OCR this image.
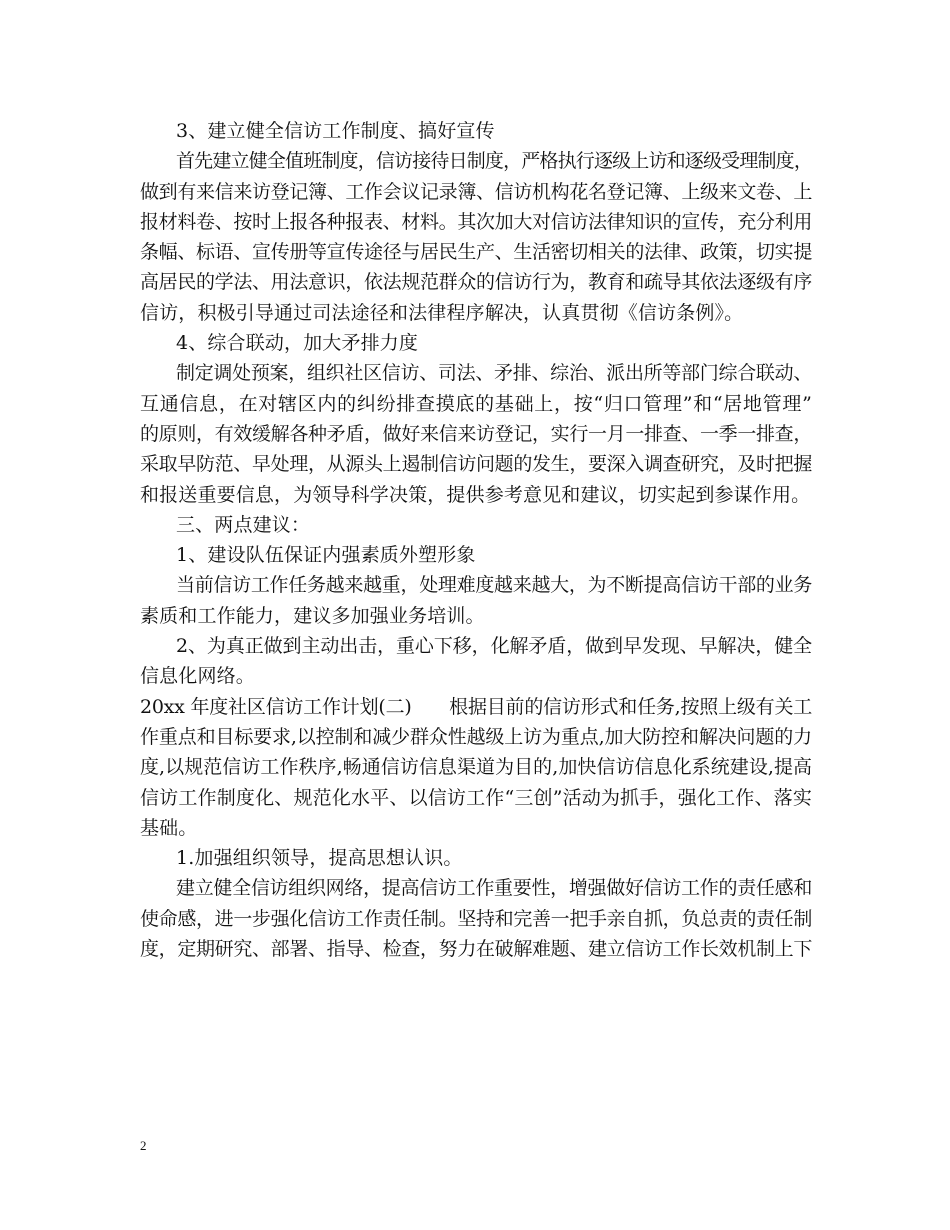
3、建立健全信访工作制度、搞好宣传
首先建立健全值班制度，信访接待日制度，严格执行逐级上访和逐级受理制度，
做到有来信来访登记簿、工作会议记录簿、信访机构花名登记簿、上级来文卷、上
报材料卷、按时上报各种报表、材料。其次加大对信访法律知识的宣传，充分利用
条幅、标语、宣传册等宣传途径与居民生产、生活密切相关的法律、政策，切实提
高居民的学法、用法意识，依法规范群众的信访行为，教育和疏导其依法逐级有序
信访，积极引导通过司法途径和法律程序解决，认真贯彻《信访条例》。
4、综合联动，加大矛排力度
制定调处预案，组织社区信访、司法、矛排、综治、派出所等部门综合联动、
互通信息，在对辖区内的纠纷排查摸底的基础上，按“归口管理”和“居地管理”
的原则，有效缓解各种矛盾，做好来信来访登记，实行一月一排查、一季一排查，
采取早防范、早处理，从源头上遏制信访问题的发生，要深入调查研究，及时把握
和报送重要信息，为领导科学决策，提供参考意见和建议，切实起到参谋作用。
三、两点建议：
1、建设队伍保证内强素质外塑形象
当前信访工作任务越来越重，处理难度越来越大，为不断提高信访干部的业务
素质和工作能力，建议多加强业务培训。
2、为真正做到主动出击，重心下移，化解矛盾，做到早发现、早解决，健全
信息化网络。
20xx 年度社区信访工作计划(二)　　根据目前的信访形式和任务,按照上级有关工
作重点和目标要求,以控制和减少群众性越级上访为重点,加大防控和解决问题的力
度,以规范信访工作秩序,畅通信访信息渠道为目的,加快信访信息化系统建设,提高
信访工作制度化、规范化水平、以信访工作“三创”活动为抓手，强化工作、落实
基础。
1.加强组织领导，提高思想认识。
建立健全信访组织网络，提高信访工作重要性，增强做好信访工作的责任感和
使命感，进一步强化信访工作责任制。坚持和完善一把手亲自抓，负总责的责任制
度，定期研究、部署、指导、检查，努力在破解难题、建立信访工作长效机制上下
2
